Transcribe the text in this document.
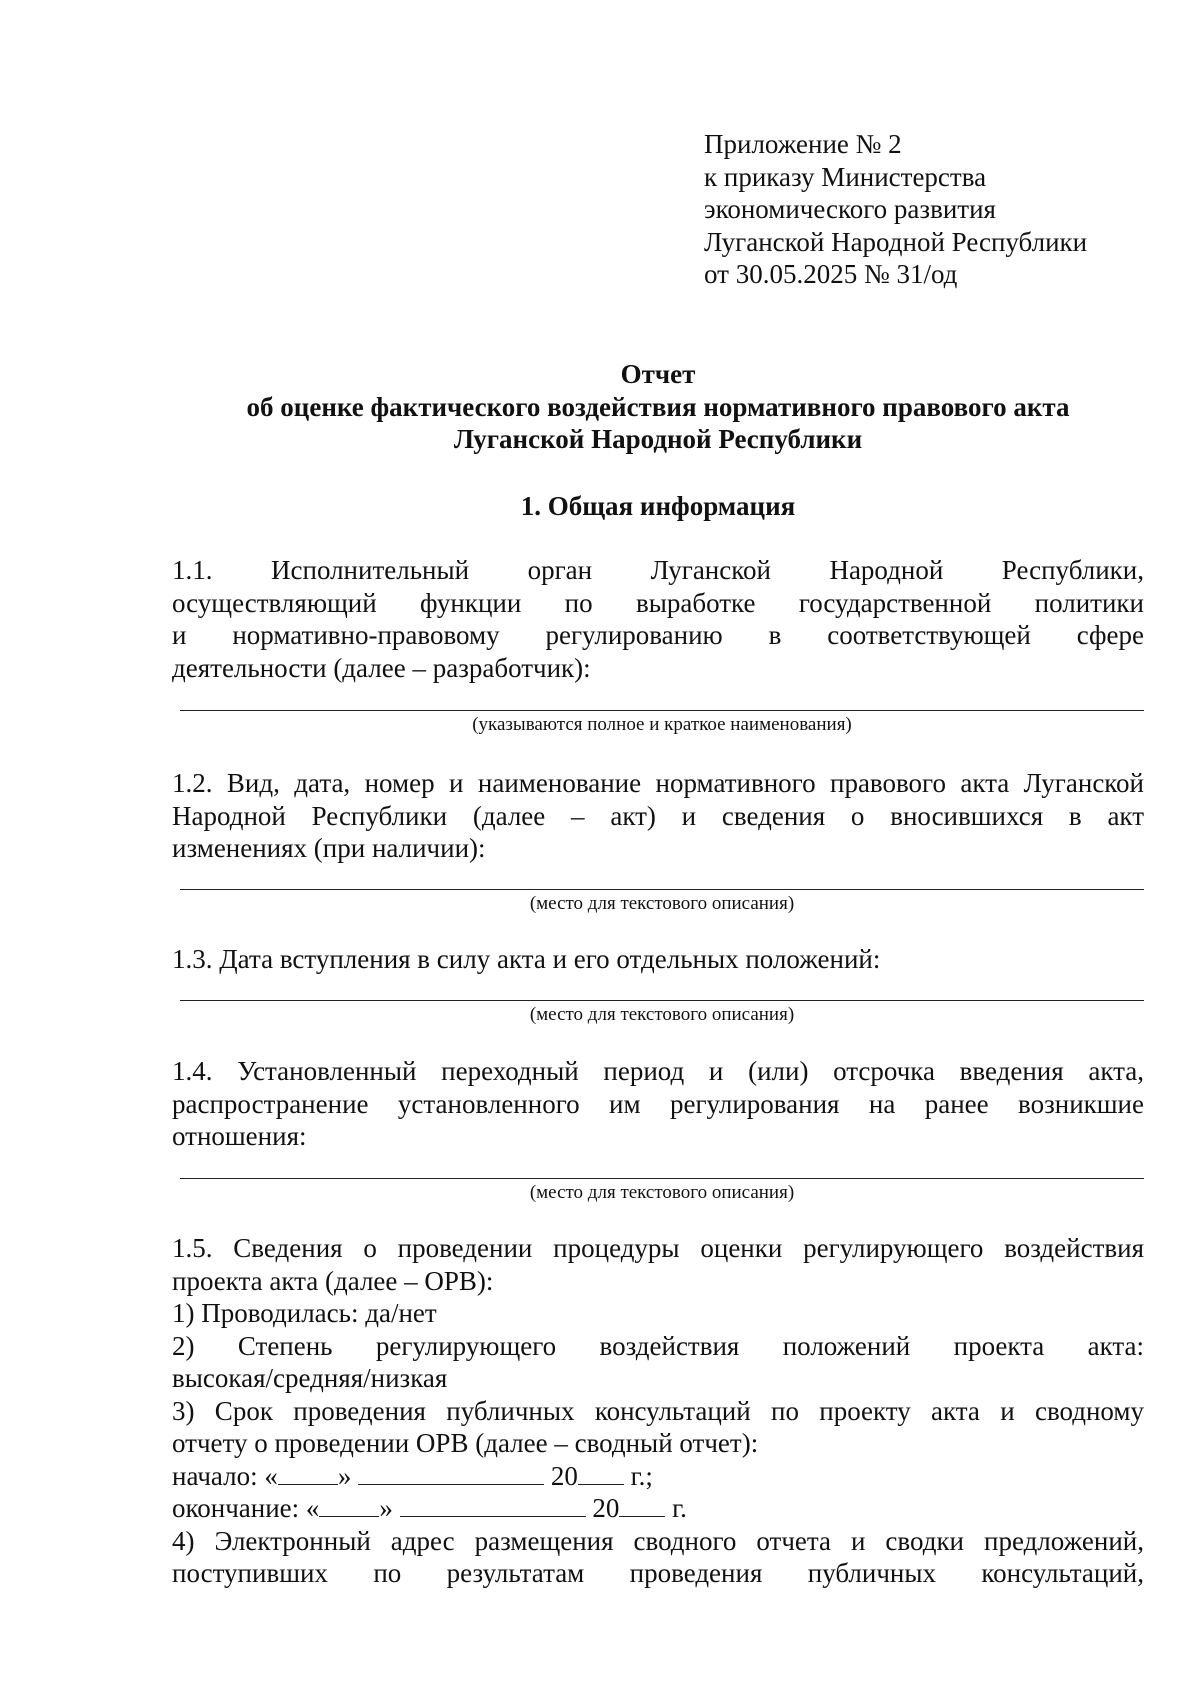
Приложение № 2
к приказу Министерства
экономического развития
Луганской Народной Республики
от 30.05.2025 № 31/од
Отчет
об оценке фактического воздействия нормативного правового акта
Луганской Народной Республики
1. Общая информация
1.1. Исполнительный орган Луганской Народной Республики,
осуществляющий функции по выработке государственной политики
и нормативно-правовому регулированию в соответствующей сфере
деятельности (далее – разработчик):
(указываются полное и краткое наименования)
1.2. Вид, дата, номер и наименование нормативного правового акта Луганской
Народной Республики (далее – акт) и сведения о вносившихся в акт
изменениях (при наличии):
(место для текстового описания)
1.3. Дата вступления в силу акта и его отдельных положений:
(место для текстового описания)
1.4. Установленный переходный период и (или) отсрочка введения акта,
распространение установленного им регулирования на ранее возникшие
отношения:
(место для текстового описания)
1.5. Сведения о проведении процедуры оценки регулирующего воздействия
проекта акта (далее – ОРВ):
1) Проводилась: да/нет
2) Степень регулирующего воздействия положений проекта акта:
высокая/средняя/низкая
3) Срок проведения публичных консультаций по проекту акта и сводному
отчету о проведении ОРВ (далее – сводный отчет):
начало: « »	20 г.;
окончание: « »	20 г.
4) Электронный адрес размещения сводного отчета и сводки предложений,
поступивших по результатам проведения публичных консультаций,
